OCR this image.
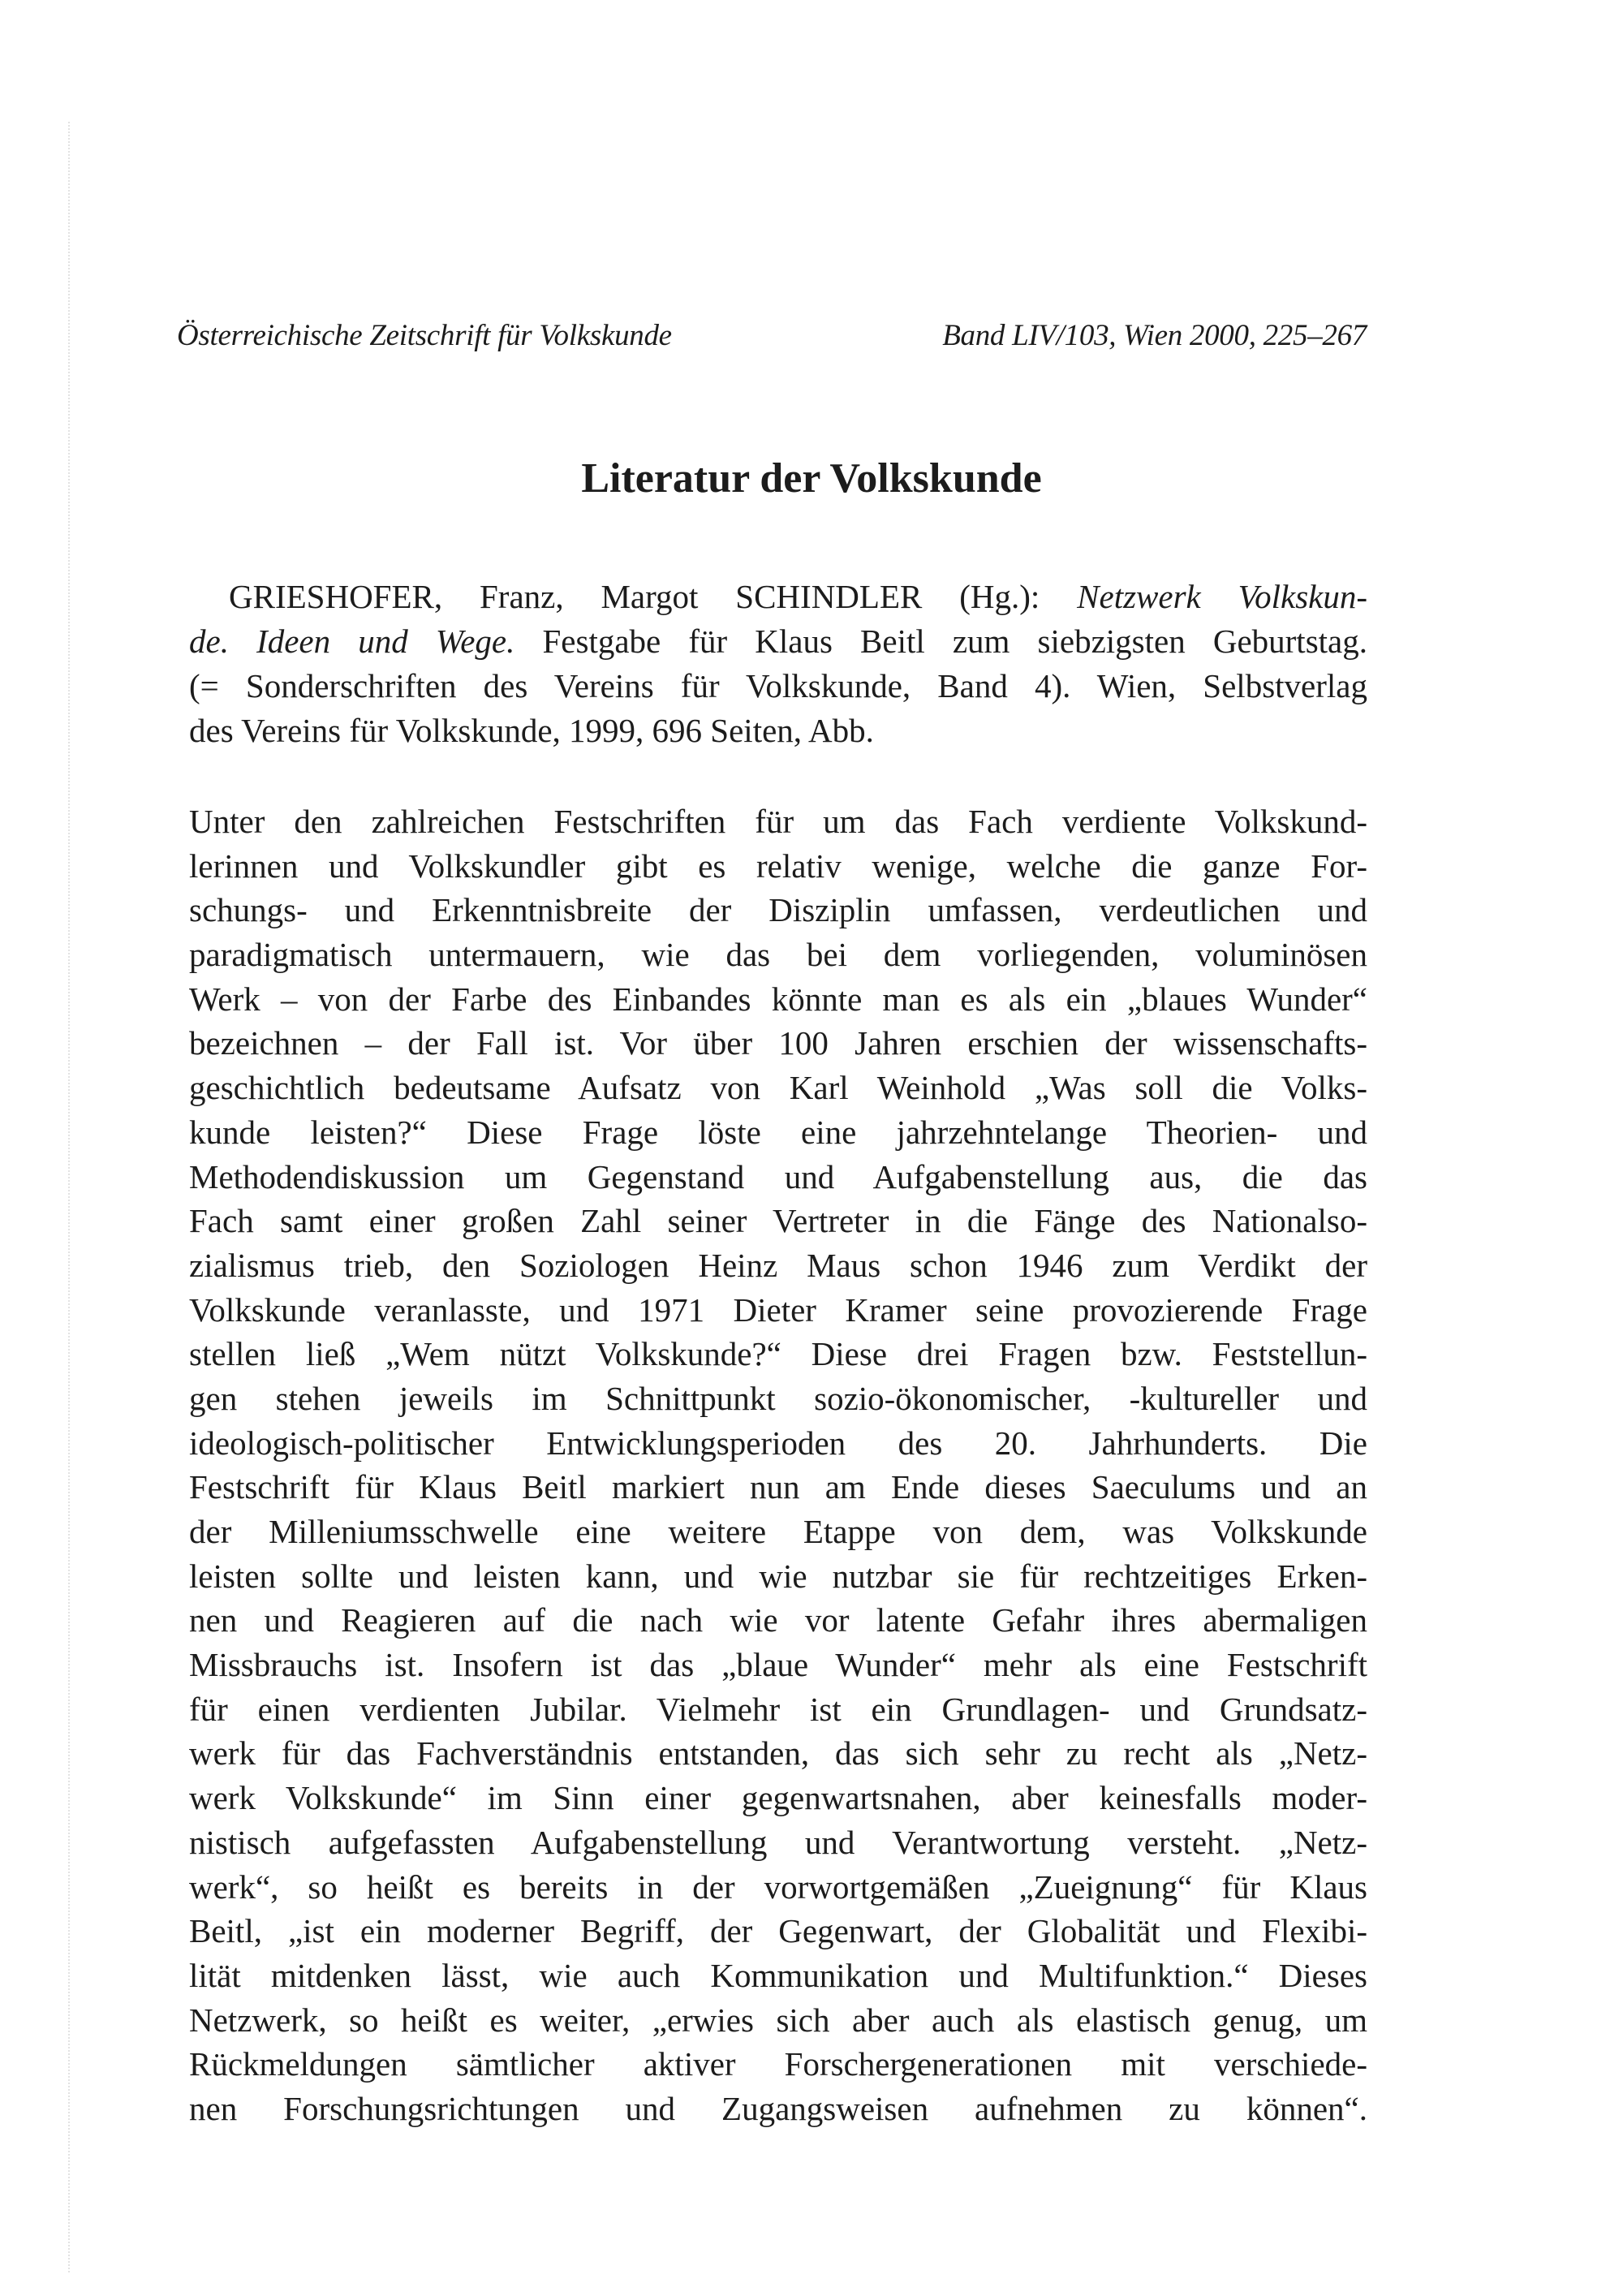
Österreichische Zeitschrift für Volkskunde	Band LIV/103, Wien 2000, 225–267
Literatur der Volkskunde
GRIESHOFER, Franz, Margot SCHINDLER (Hg.): Netzwerk Volkskun-
de. Ideen und Wege. Festgabe für Klaus Beitl zum siebzigsten Geburtstag.
(= Sonderschriften des Vereins für Volkskunde, Band 4). Wien, Selbstverlag
des Vereins für Volkskunde, 1999, 696 Seiten, Abb.
Unter den zahlreichen Festschriften für um das Fach verdiente Volkskund-
lerinnen und Volkskundler gibt es relativ wenige, welche die ganze For-
schungs- und Erkenntnisbreite der Disziplin umfassen, verdeutlichen und
paradigmatisch untermauern, wie das bei dem vorliegenden, voluminösen
Werk – von der Farbe des Einbandes könnte man es als ein „blaues Wunder“
bezeichnen – der Fall ist. Vor über 100 Jahren erschien der wissenschafts-
geschichtlich bedeutsame Aufsatz von Karl Weinhold „Was soll die Volks-
kunde leisten?“ Diese Frage löste eine jahrzehntelange Theorien- und
Methodendiskussion um Gegenstand und Aufgabenstellung aus, die das
Fach samt einer großen Zahl seiner Vertreter in die Fänge des Nationalso-
zialismus trieb, den Soziologen Heinz Maus schon 1946 zum Verdikt der
Volkskunde veranlasste, und 1971 Dieter Kramer seine provozierende Frage
stellen ließ „Wem nützt Volkskunde?“ Diese drei Fragen bzw. Feststellun-
gen stehen jeweils im Schnittpunkt sozio-ökonomischer, -kultureller und
ideologisch-politischer Entwicklungsperioden des 20. Jahrhunderts. Die
Festschrift für Klaus Beitl markiert nun am Ende dieses Saeculums und an
der Milleniumsschwelle eine weitere Etappe von dem, was Volkskunde
leisten sollte und leisten kann, und wie nutzbar sie für rechtzeitiges Erken-
nen und Reagieren auf die nach wie vor latente Gefahr ihres abermaligen
Missbrauchs ist. Insofern ist das „blaue Wunder“ mehr als eine Festschrift
für einen verdienten Jubilar. Vielmehr ist ein Grundlagen- und Grundsatz-
werk für das Fachverständnis entstanden, das sich sehr zu recht als „Netz-
werk Volkskunde“ im Sinn einer gegenwartsnahen, aber keinesfalls moder-
nistisch aufgefassten Aufgabenstellung und Verantwortung versteht. „Netz-
werk“, so heißt es bereits in der vorwortgemäßen „Zueignung“ für Klaus
Beitl, „ist ein moderner Begriff, der Gegenwart, der Globalität und Flexibi-
lität mitdenken lässt, wie auch Kommunikation und Multifunktion.“ Dieses
Netzwerk, so heißt es weiter, „erwies sich aber auch als elastisch genug, um
Rückmeldungen sämtlicher aktiver Forschergenerationen mit verschiede-
nen Forschungsrichtungen und Zugangsweisen aufnehmen zu können“.
